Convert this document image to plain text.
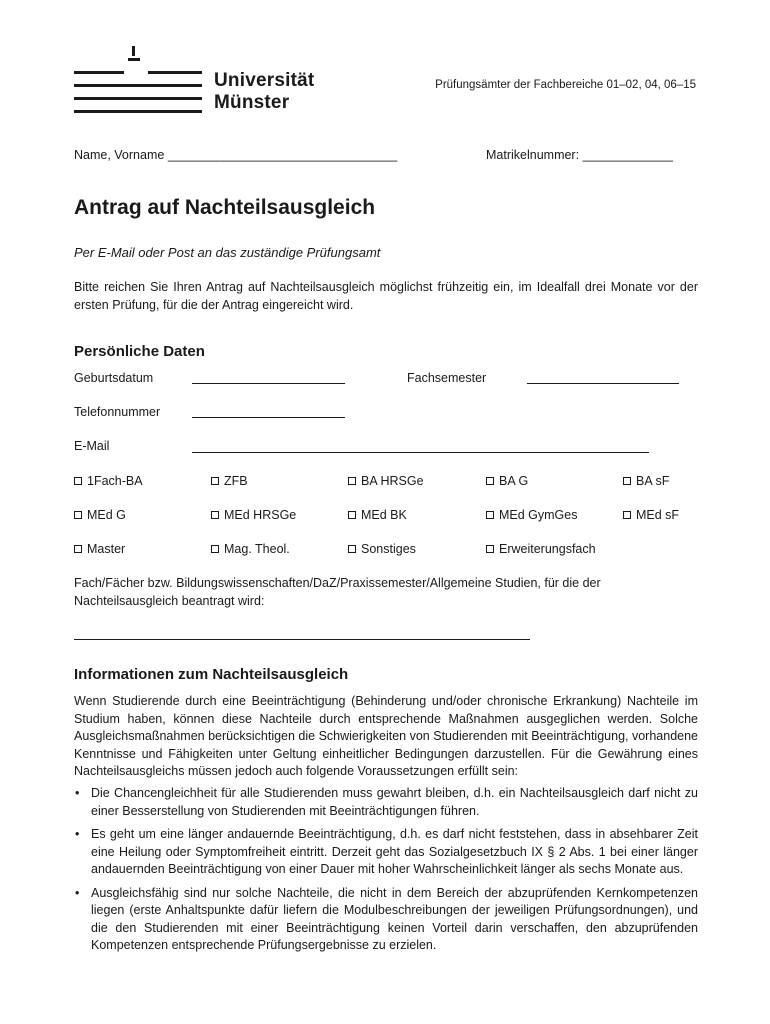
Universität
Münster
Prüfungsämter der Fachbereiche 01–02, 04, 06–15
Name, Vorname _________________________________	Matrikelnummer: _____________
Antrag auf Nachteilsausgleich
Per E-Mail oder Post an das zuständige Prüfungsamt
Bitte reichen Sie Ihren Antrag auf Nachteilsausgleich möglichst frühzeitig ein, im Idealfall drei Monate vor der ersten Prüfung, für die der Antrag eingereicht wird.
Persönliche Daten
Geburtsdatum	Fachsemester
Telefonnummer
E-Mail
1Fach-BA	ZFB	BA HRSGe	BA G	BA sF
MEd G	MEd HRSGe	MEd BK	MEd GymGes	MEd sF
Master	Mag. Theol.	Sonstiges	Erweiterungsfach
Fach/Fächer bzw. Bildungswissenschaften/DaZ/Praxissemester/Allgemeine Studien, für die der Nachteilsausgleich beantragt wird:
Informationen zum Nachteilsausgleich
Wenn Studierende durch eine Beeinträchtigung (Behinderung und/oder chronische Erkrankung) Nachteile im Studium haben, können diese Nachteile durch entsprechende Maßnahmen ausgeglichen werden. Solche Ausgleichsmaßnahmen berücksichtigen die Schwierigkeiten von Studierenden mit Beeinträchtigung, vorhandene Kenntnisse und Fähigkeiten unter Geltung einheitlicher Bedingungen darzustellen. Für die Gewährung eines Nachteilsausgleichs müssen jedoch auch folgende Voraussetzungen erfüllt sein:
• Die Chancengleichheit für alle Studierenden muss gewahrt bleiben, d.h. ein Nachteilsausgleich darf nicht zu einer Besserstellung von Studierenden mit Beeinträchtigungen führen.
• Es geht um eine länger andauernde Beeinträchtigung, d.h. es darf nicht feststehen, dass in absehbarer Zeit eine Heilung oder Symptomfreiheit eintritt. Derzeit geht das Sozialgesetzbuch IX § 2 Abs. 1 bei einer länger andauernden Beeinträchtigung von einer Dauer mit hoher Wahrscheinlichkeit länger als sechs Monate aus.
• Ausgleichsfähig sind nur solche Nachteile, die nicht in dem Bereich der abzuprüfenden Kernkompetenzen liegen (erste Anhaltspunkte dafür liefern die Modulbeschreibungen der jeweiligen Prüfungsordnungen), und die den Studierenden mit einer Beeinträchtigung keinen Vorteil darin verschaffen, den abzuprüfenden Kompetenzen entsprechende Prüfungsergebnisse zu erzielen.
